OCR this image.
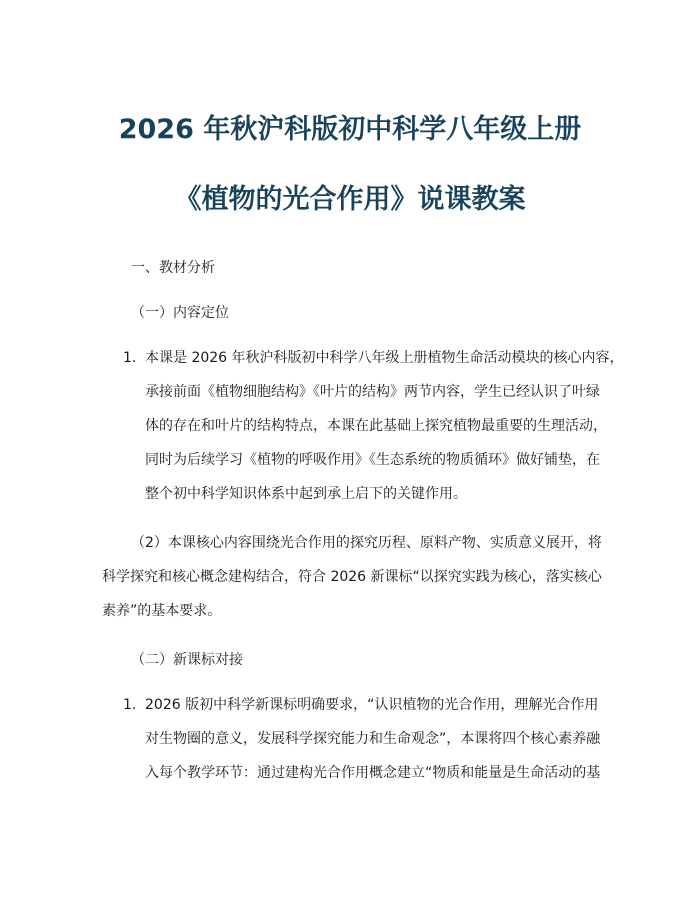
2026 年秋沪科版初中科学八年级上册
《植物的光合作用》说课教案
一、教材分析
（一）内容定位
1. 本课是 2026 年秋沪科版初中科学八年级上册植物生命活动模块的核心内容，
承接前面《植物细胞结构》《叶片的结构》两节内容，学生已经认识了叶绿
体的存在和叶片的结构特点，本课在此基础上探究植物最重要的生理活动，
同时为后续学习《植物的呼吸作用》《生态系统的物质循环》做好铺垫，在
整个初中科学知识体系中起到承上启下的关键作用。
（2）本课核心内容围绕光合作用的探究历程、原料产物、实质意义展开，将
科学探究和核心概念建构结合，符合 2026 新课标“以探究实践为核心，落实核心
素养”的基本要求。
（二）新课标对接
1. 2026 版初中科学新课标明确要求，“认识植物的光合作用，理解光合作用
对生物圈的意义，发展科学探究能力和生命观念”，本课将四个核心素养融
入每个教学环节：通过建构光合作用概念建立“物质和能量是生命活动的基
